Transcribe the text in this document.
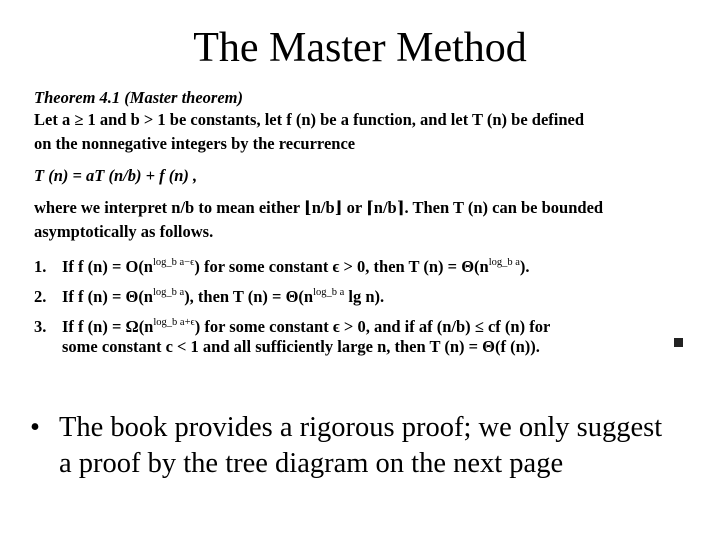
The Master Method
Theorem 4.1 (Master theorem)
Let a ≥ 1 and b > 1 be constants, let f (n) be a function, and let T (n) be defined
on the nonnegative integers by the recurrence
T (n) = aT (n/b) + f (n) ,
where we interpret n/b to mean either ⌊n/b⌋ or ⌈n/b⌉. Then T (n) can be bounded
asymptotically as follows.
1. If f $(n) = O(n^{log\_b a-\epsilon})$ for some constant ϵ > 0, then T $(n) = \Theta(n^{log\_b a})$.
2. If f $(n) = \Theta(n^{log\_b a})$, then T $(n) = \Theta(n^{log\_b a}$ lg n).
3. If f $(n) = \Omega(n^{log\_b a+\epsilon})$ for some constant ϵ > 0, and if af (n/b) ≤ cf (n) for
some constant c < 1 and all sufficiently large n, then T (n) = Θ(f (n)).
• The book provides a rigorous proof; we only suggest a proof by the tree diagram on the next page
